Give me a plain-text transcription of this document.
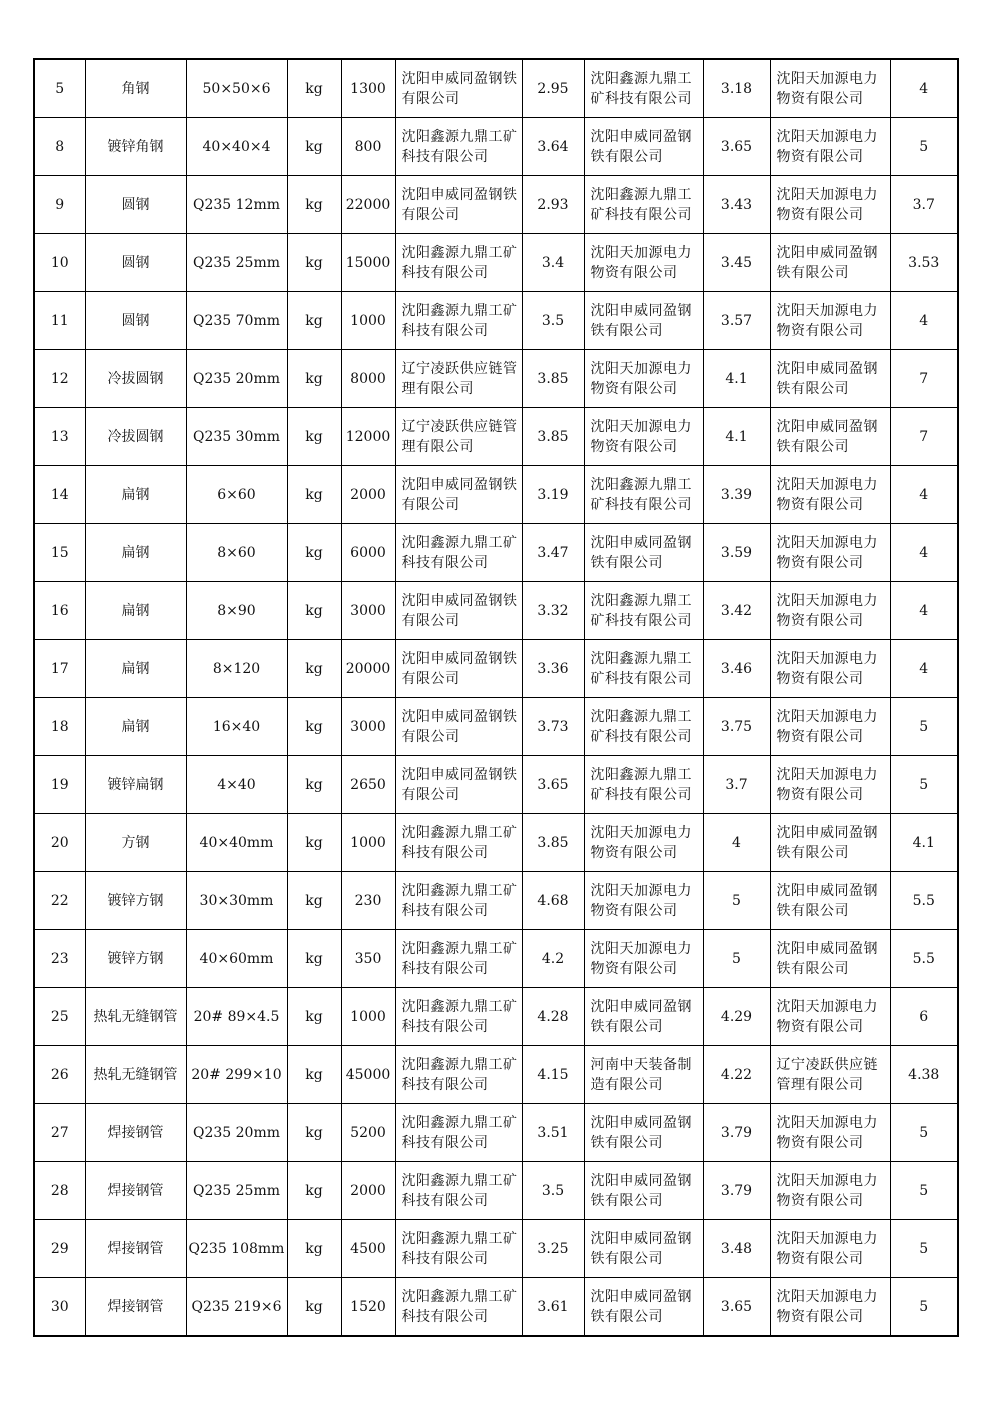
5	角钢	50×50×6	kg	1300	沈阳申威同盈钢铁有限公司	2.95	沈阳鑫源九鼎工矿科技有限公司	3.18	沈阳天加源电力物资有限公司	4

8	镀锌角钢	40×40×4	kg	800	沈阳鑫源九鼎工矿科技有限公司	3.64	沈阳申威同盈钢铁有限公司	3.65	沈阳天加源电力物资有限公司	5

9	圆钢	Q235 12mm	kg	22000	沈阳申威同盈钢铁有限公司	2.93	沈阳鑫源九鼎工矿科技有限公司	3.43	沈阳天加源电力物资有限公司	3.7

10	圆钢	Q235 25mm	kg	15000	沈阳鑫源九鼎工矿科技有限公司	3.4	沈阳天加源电力物资有限公司	3.45	沈阳申威同盈钢铁有限公司	3.53

11	圆钢	Q235 70mm	kg	1000	沈阳鑫源九鼎工矿科技有限公司	3.5	沈阳申威同盈钢铁有限公司	3.57	沈阳天加源电力物资有限公司	4

12	冷拔圆钢	Q235 20mm	kg	8000	辽宁凌跃供应链管理有限公司	3.85	沈阳天加源电力物资有限公司	4.1	沈阳申威同盈钢铁有限公司	7

13	冷拔圆钢	Q235 30mm	kg	12000	辽宁凌跃供应链管理有限公司	3.85	沈阳天加源电力物资有限公司	4.1	沈阳申威同盈钢铁有限公司	7

14	扁钢	6×60	kg	2000	沈阳申威同盈钢铁有限公司	3.19	沈阳鑫源九鼎工矿科技有限公司	3.39	沈阳天加源电力物资有限公司	4

15	扁钢	8×60	kg	6000	沈阳鑫源九鼎工矿科技有限公司	3.47	沈阳申威同盈钢铁有限公司	3.59	沈阳天加源电力物资有限公司	4

16	扁钢	8×90	kg	3000	沈阳申威同盈钢铁有限公司	3.32	沈阳鑫源九鼎工矿科技有限公司	3.42	沈阳天加源电力物资有限公司	4

17	扁钢	8×120	kg	20000	沈阳申威同盈钢铁有限公司	3.36	沈阳鑫源九鼎工矿科技有限公司	3.46	沈阳天加源电力物资有限公司	4

18	扁钢	16×40	kg	3000	沈阳申威同盈钢铁有限公司	3.73	沈阳鑫源九鼎工矿科技有限公司	3.75	沈阳天加源电力物资有限公司	5

19	镀锌扁钢	4×40	kg	2650	沈阳申威同盈钢铁有限公司	3.65	沈阳鑫源九鼎工矿科技有限公司	3.7	沈阳天加源电力物资有限公司	5

20	方钢	40×40mm	kg	1000	沈阳鑫源九鼎工矿科技有限公司	3.85	沈阳天加源电力物资有限公司	4	沈阳申威同盈钢铁有限公司	4.1

22	镀锌方钢	30×30mm	kg	230	沈阳鑫源九鼎工矿科技有限公司	4.68	沈阳天加源电力物资有限公司	5	沈阳申威同盈钢铁有限公司	5.5

23	镀锌方钢	40×60mm	kg	350	沈阳鑫源九鼎工矿科技有限公司	4.2	沈阳天加源电力物资有限公司	5	沈阳申威同盈钢铁有限公司	5.5

25	热轧无缝钢管	20# 89×4.5	kg	1000	沈阳鑫源九鼎工矿科技有限公司	4.28	沈阳申威同盈钢铁有限公司	4.29	沈阳天加源电力物资有限公司	6

26	热轧无缝钢管	20# 299×10	kg	45000	沈阳鑫源九鼎工矿科技有限公司	4.15	河南中天装备制造有限公司	4.22	辽宁凌跃供应链管理有限公司	4.38

27	焊接钢管	Q235 20mm	kg	5200	沈阳鑫源九鼎工矿科技有限公司	3.51	沈阳申威同盈钢铁有限公司	3.79	沈阳天加源电力物资有限公司	5

28	焊接钢管	Q235 25mm	kg	2000	沈阳鑫源九鼎工矿科技有限公司	3.5	沈阳申威同盈钢铁有限公司	3.79	沈阳天加源电力物资有限公司	5

29	焊接钢管	Q235 108mm	kg	4500	沈阳鑫源九鼎工矿科技有限公司	3.25	沈阳申威同盈钢铁有限公司	3.48	沈阳天加源电力物资有限公司	5

30	焊接钢管	Q235 219×6	kg	1520	沈阳鑫源九鼎工矿科技有限公司	3.61	沈阳申威同盈钢铁有限公司	3.65	沈阳天加源电力物资有限公司	5
